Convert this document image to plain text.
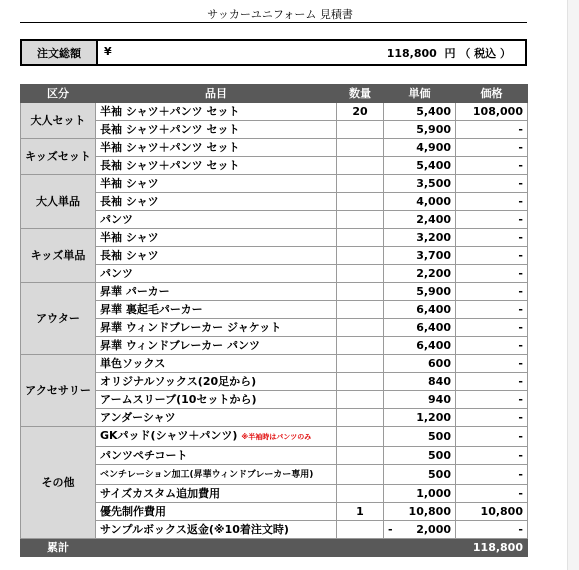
サッカーユニフォーム 見積書
注文総額	¥	118,800 円 （ 税込 ）
区分	品目	数量	単価	価格
大人セット	半袖 シャツ＋パンツ セット	20	5,400	108,000
	長袖 シャツ＋パンツ セット		5,900	-
キッズセット	半袖 シャツ＋パンツ セット		4,900	-
	長袖 シャツ＋パンツ セット		5,400	-
大人単品	半袖 シャツ		3,500	-
	長袖 シャツ		4,000	-
	パンツ		2,400	-
キッズ単品	半袖 シャツ		3,200	-
	長袖 シャツ		3,700	-
	パンツ		2,200	-
アウター	昇華 パーカー		5,900	-
	昇華 裏起毛パーカー		6,400	-
	昇華 ウィンドブレーカー ジャケット		6,400	-
	昇華 ウィンドブレーカー パンツ		6,400	-
アクセサリー	単色ソックス		600	-
	オリジナルソックス(20足から)		840	-
	アームスリーブ(10セットから)		940	-
	アンダーシャツ		1,200	-
その他	GKパッド(シャツ＋パンツ) ※半袖時はパンツのみ		500	-
	パンツペチコート		500	-
	ベンチレーション加工(昇華ウィンドブレーカー専用)		500	-
	サイズカスタム追加費用		1,000	-
	優先制作費用	1	10,800	10,800
	サンプルボックス返金(※10着注文時)		- 2,000	-
累計				118,800
